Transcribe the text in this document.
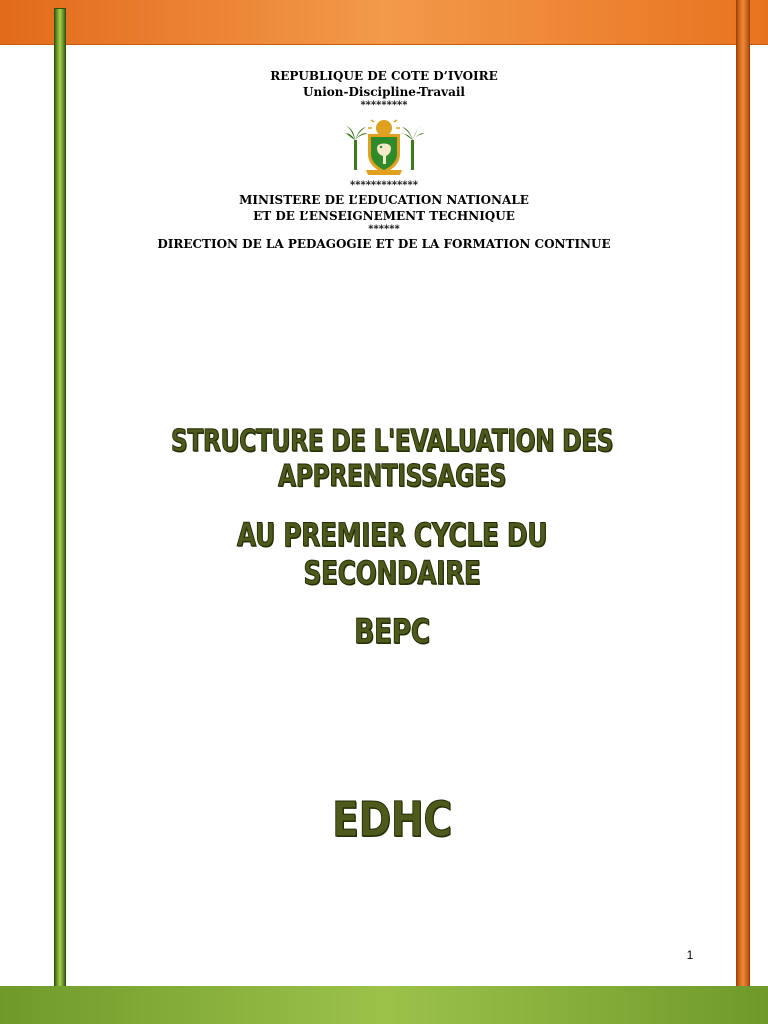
REPUBLIQUE DE COTE D’IVOIRE
Union-Discipline-Travail
*********
*************
MINISTERE DE L’EDUCATION NATIONALE
ET DE L’ENSEIGNEMENT TECHNIQUE
******
DIRECTION DE LA PEDAGOGIE ET DE LA FORMATION CONTINUE
STRUCTURE DE L'EVALUATION DES APPRENTISSAGES
AU PREMIER CYCLE DU SECONDAIRE
BEPC
EDHC
1
